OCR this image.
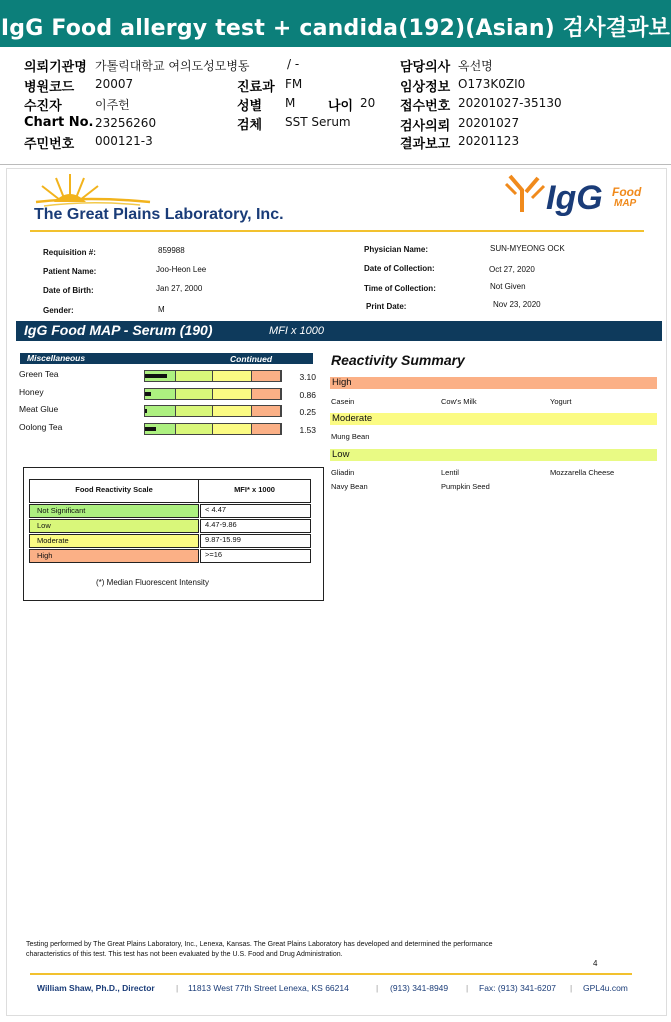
IgG Food allergy test + candida(192)(Asian) 검사결과보고서
의뢰기관명 가톨릭대학교 여의도성모병동	/ -
병원코드 20007	진료과 FM
수진자	이주헌	성별 M	나이 20
Chart No. 23256260	검체 SST Serum
주민번호 000121-3
담당의사 옥선명
임상정보 O173K0ZI0
접수번호 20201027-35130
검사의뢰 20201027
결과보고 20201123
The Great Plains Laboratory, Inc.	IgG Food
MAP
Requisition #:	859988
Patient Name:	Joo-Heon Lee
Date of Birth:	Jan 27, 2000
Gender:	M
Physician Name:	SUN-MYEONG OCK
Date of Collection:	Oct 27, 2020
Time of Collection:	Not Given
Print Date:	Nov 23, 2020
IgG Food MAP - Serum (190)	MFI x 1000
Miscellaneous	Continued
Green Tea	3.10
Honey	0.86
Meat Glue	0.25
Oolong Tea	1.53
Reactivity Summary
High
Casein	Cow's Milk	Yogurt
Moderate
Mung Bean
Low
Gliadin	Lentil	Mozzarella Cheese
Navy Bean	Pumpkin Seed
Food Reactivity Scale	MFI* x 1000
Not Significant	< 4.47
Low	4.47-9.86
Moderate	9.87-15.99
High	>=16
(*) Median Fluorescent Intensity
Testing performed by The Great Plains Laboratory, Inc., Lenexa, Kansas. The Great Plains Laboratory has developed and determined the performance
characteristics of this test. This test has not been evaluated by the U.S. Food and Drug Administration.
4
William Shaw, Ph.D., Director	| 11813 West 77th Street Lenexa, KS 66214	| (913) 341-8949 | Fax: (913) 341-6207 | GPL4u.com
